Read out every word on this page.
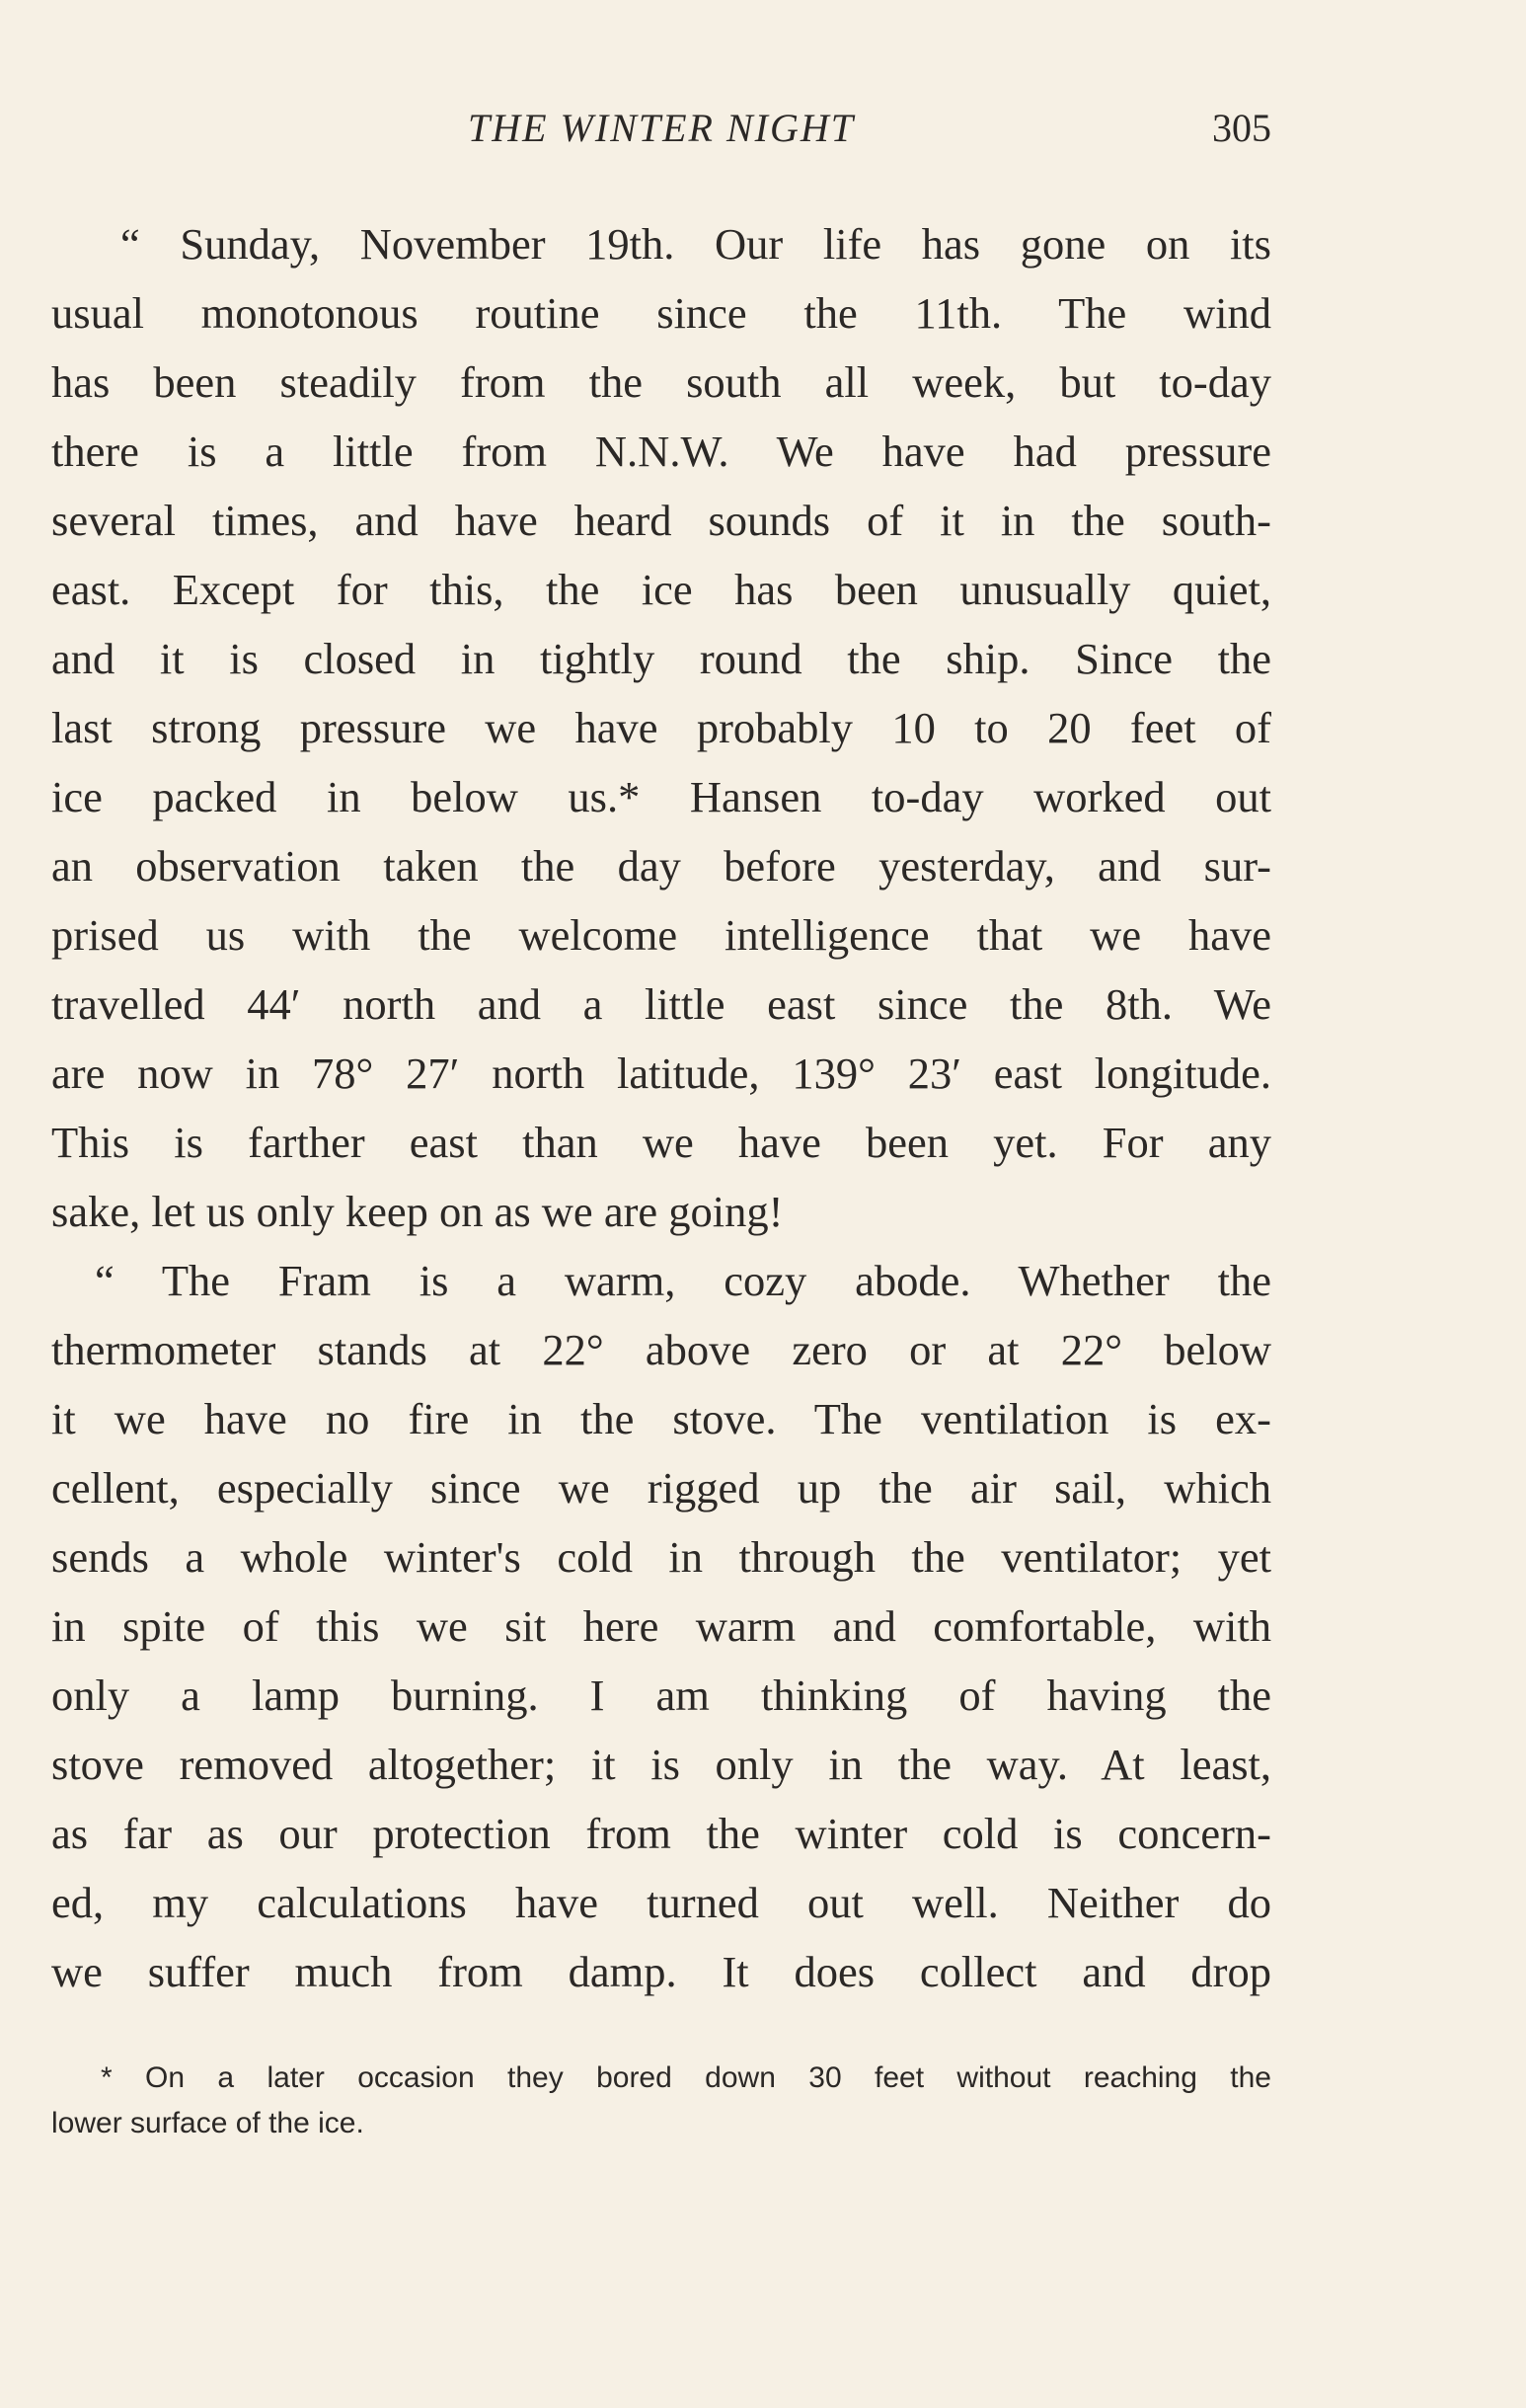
THE WINTER NIGHT	305
“ Sunday, November 19th. Our life has gone on its
usual monotonous routine since the 11th. The wind
has been steadily from the south all week, but to-day
there is a little from N.N.W. We have had pressure
several times, and have heard sounds of it in the south-
east. Except for this, the ice has been unusually quiet,
and it is closed in tightly round the ship. Since the
last strong pressure we have probably 10 to 20 feet of
ice packed in below us.* Hansen to-day worked out
an observation taken the day before yesterday, and sur-
prised us with the welcome intelligence that we have
travelled 44′ north and a little east since the 8th. We
are now in 78° 27′ north latitude, 139° 23′ east longitude.
This is farther east than we have been yet. For any
sake, let us only keep on as we are going!
“ The Fram is a warm, cozy abode. Whether the
thermometer stands at 22° above zero or at 22° below
it we have no fire in the stove. The ventilation is ex-
cellent, especially since we rigged up the air sail, which
sends a whole winter's cold in through the ventilator; yet
in spite of this we sit here warm and comfortable, with
only a lamp burning. I am thinking of having the
stove removed altogether; it is only in the way. At least,
as far as our protection from the winter cold is concern-
ed, my calculations have turned out well. Neither do
we suffer much from damp. It does collect and drop
* On a later occasion they bored down 30 feet without reaching the
lower surface of the ice.
